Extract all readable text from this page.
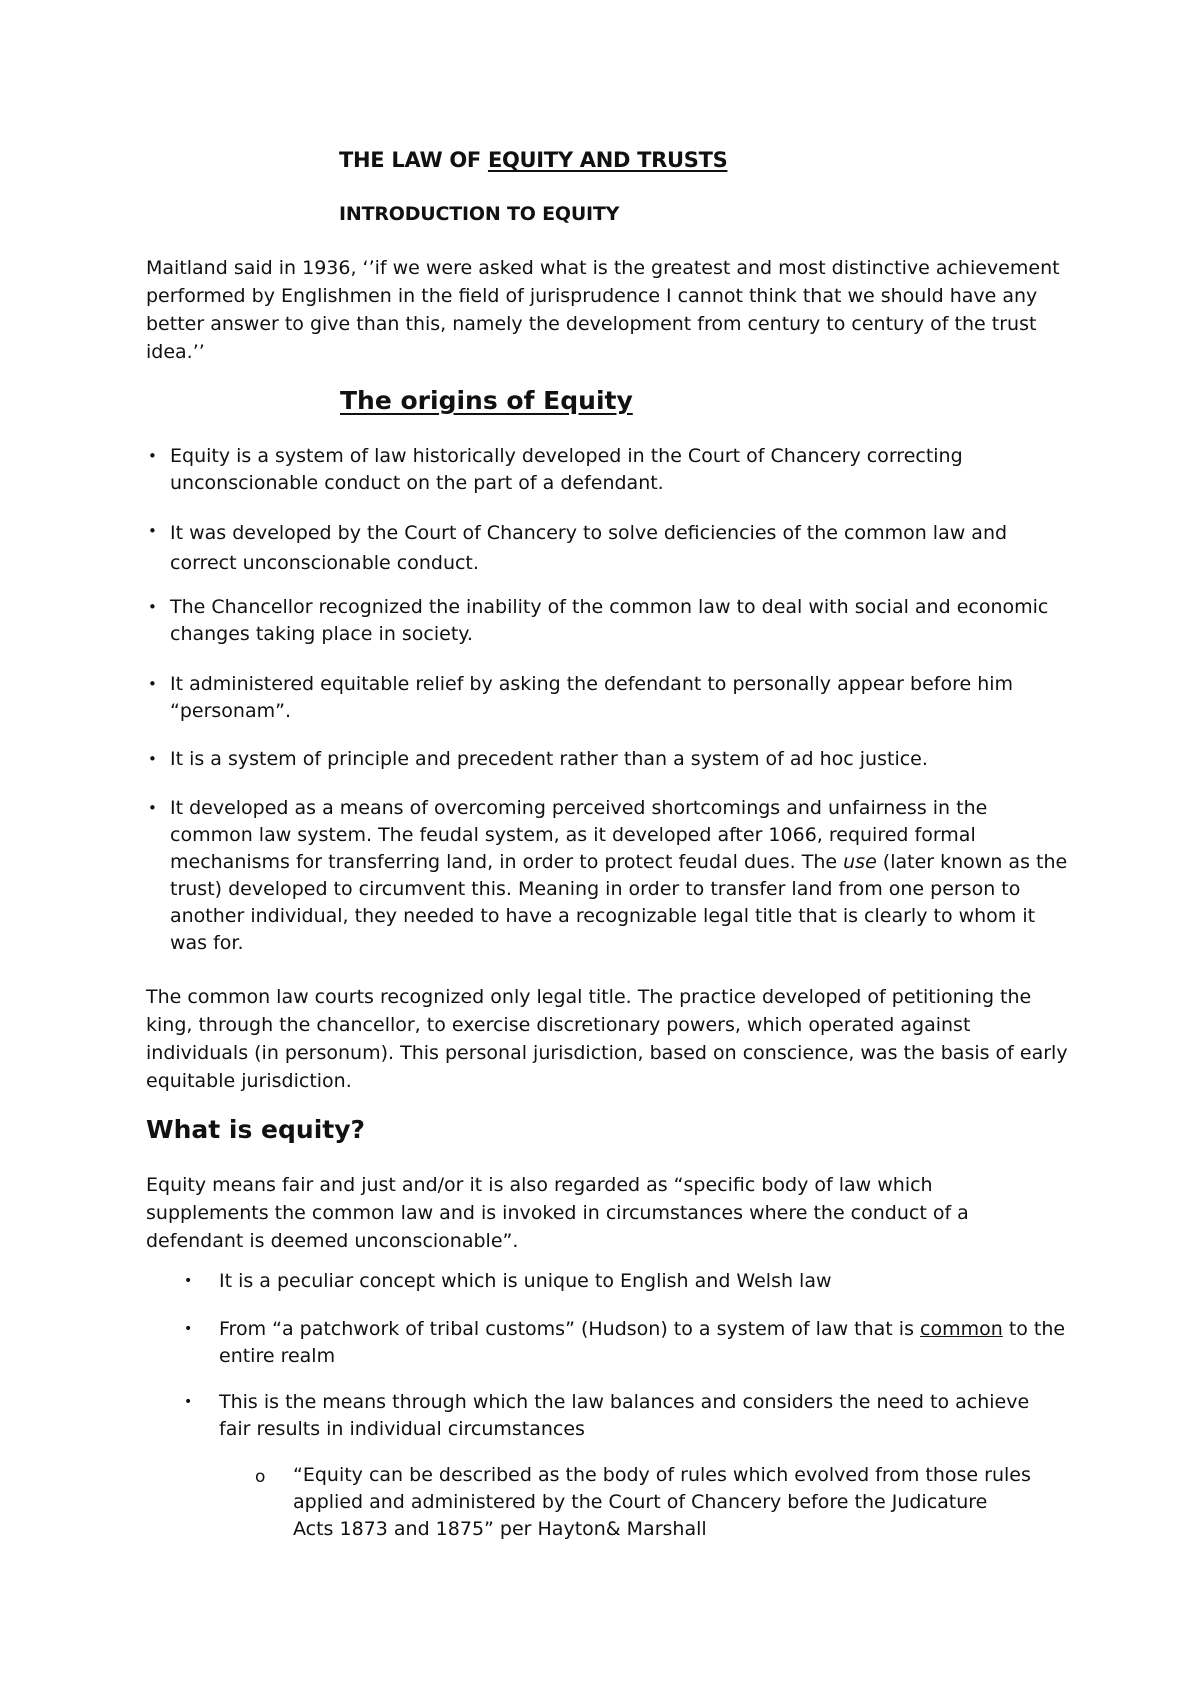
THE LAW OF EQUITY AND TRUSTS
INTRODUCTION TO EQUITY
Maitland said in 1936, ‘’if we were asked what is the greatest and most distinctive achievement performed by Englishmen in the field of jurisprudence I cannot think that we should have any better answer to give than this, namely the development from century to century of the trust idea.’’
The origins of Equity
• Equity is a system of law historically developed in the Court of Chancery correcting unconscionable conduct on the part of a defendant.
• It was developed by the Court of Chancery to solve deficiencies of the common law and correct unconscionable conduct.
• The Chancellor recognized the inability of the common law to deal with social and economic changes taking place in society.
• It administered equitable relief by asking the defendant to personally appear before him “personam”.
• It is a system of principle and precedent rather than a system of ad hoc justice.
• It developed as a means of overcoming perceived shortcomings and unfairness in the common law system. The feudal system, as it developed after 1066, required formal mechanisms for transferring land, in order to protect feudal dues. The use (later known as the trust) developed to circumvent this. Meaning in order to transfer land from one person to another individual, they needed to have a recognizable legal title that is clearly to whom it was for.
The common law courts recognized only legal title. The practice developed of petitioning the king, through the chancellor, to exercise discretionary powers, which operated against individuals (in personum). This personal jurisdiction, based on conscience, was the basis of early equitable jurisdiction.
What is equity?
Equity means fair and just and/or it is also regarded as “specific body of law which supplements the common law and is invoked in circumstances where the conduct of a defendant is deemed unconscionable”.
• It is a peculiar concept which is unique to English and Welsh law
• From “a patchwork of tribal customs” (Hudson) to a system of law that is common to the entire realm
• This is the means through which the law balances and considers the need to achieve fair results in individual circumstances
o “Equity can be described as the body of rules which evolved from those rules applied and administered by the Court of Chancery before the Judicature Acts 1873 and 1875” per Hayton& Marshall
